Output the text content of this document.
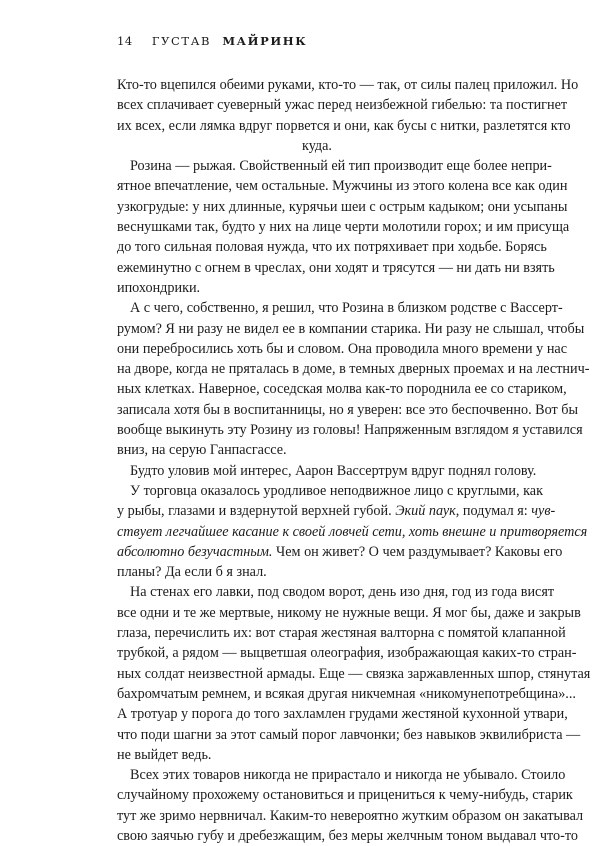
14 ГУСТАВ МАЙРИНК
Кто-то вцепился обеими руками, кто-то — так, от силы палец приложил. Но
всех сплачивает суеверный ужас перед неизбежной гибелью: та постигнет
их всех, если лямка вдруг порвется и они, как бусы с нитки, разлетятся кто
куда.
Розина — рыжая. Свойственный ей тип производит еще более непри-
ятное впечатление, чем остальные. Мужчины из этого колена все как один
узкогрудые: у них длинные, курячьи шеи с острым кадыком; они усыпаны
веснушками так, будто у них на лице черти молотили горох; и им присуща
до того сильная половая нужда, что их потряхивает при ходьбе. Борясь
ежеминутно с огнем в чреслах, они ходят и трясутся — ни дать ни взять
ипохондрики.
А с чего, собственно, я решил, что Розина в близком родстве с Вассерт-
румом? Я ни разу не видел ее в компании старика. Ни разу не слышал, чтобы
они перебросились хоть бы и словом. Она проводила много времени у нас
на дворе, когда не пряталась в доме, в темных дверных проемах и на лестнич-
ных клетках. Наверное, соседская молва как-то породнила ее со стариком,
записала хотя бы в воспитанницы, но я уверен: все это беспочвенно. Вот бы
вообще выкинуть эту Розину из головы! Напряженным взглядом я уставился
вниз, на серую Ганпасгассе.
Будто уловив мой интерес, Аарон Вассертрум вдруг поднял голову.
У торговца оказалось уродливое неподвижное лицо с круглыми, как
у рыбы, глазами и вздернутой верхней губой. Экий паук, подумал я: чув-
ствует легчайшее касание к своей ловчей сети, хоть внешне и притворяется
абсолютно безучастным. Чем он живет? О чем раздумывает? Каковы его
планы? Да если б я знал.
На стенах его лавки, под сводом ворот, день изо дня, год из года висят
все одни и те же мертвые, никому не нужные вещи. Я мог бы, даже и закрыв
глаза, перечислить их: вот старая жестяная валторна с помятой клапанной
трубкой, а рядом — выцветшая олеография, изображающая каких-то стран-
ных солдат неизвестной армады. Еще — связка заржавленных шпор, стянутая
бахромчатым ремнем, и всякая другая никчемная «никомунепотребщина»...
А тротуар у порога до того захламлен грудами жестяной кухонной утвари,
что поди шагни за этот самый порог лавчонки; без навыков эквилибриста —
не выйдет ведь.
Всех этих товаров никогда не прирастало и никогда не убывало. Стоило
случайному прохожему остановиться и прицениться к чему-нибудь, старик
тут же зримо нервничал. Каким-то невероятно жутким образом он закатывал
свою заячью губу и дребезжащим, без меры желчным тоном выдавал что-то
